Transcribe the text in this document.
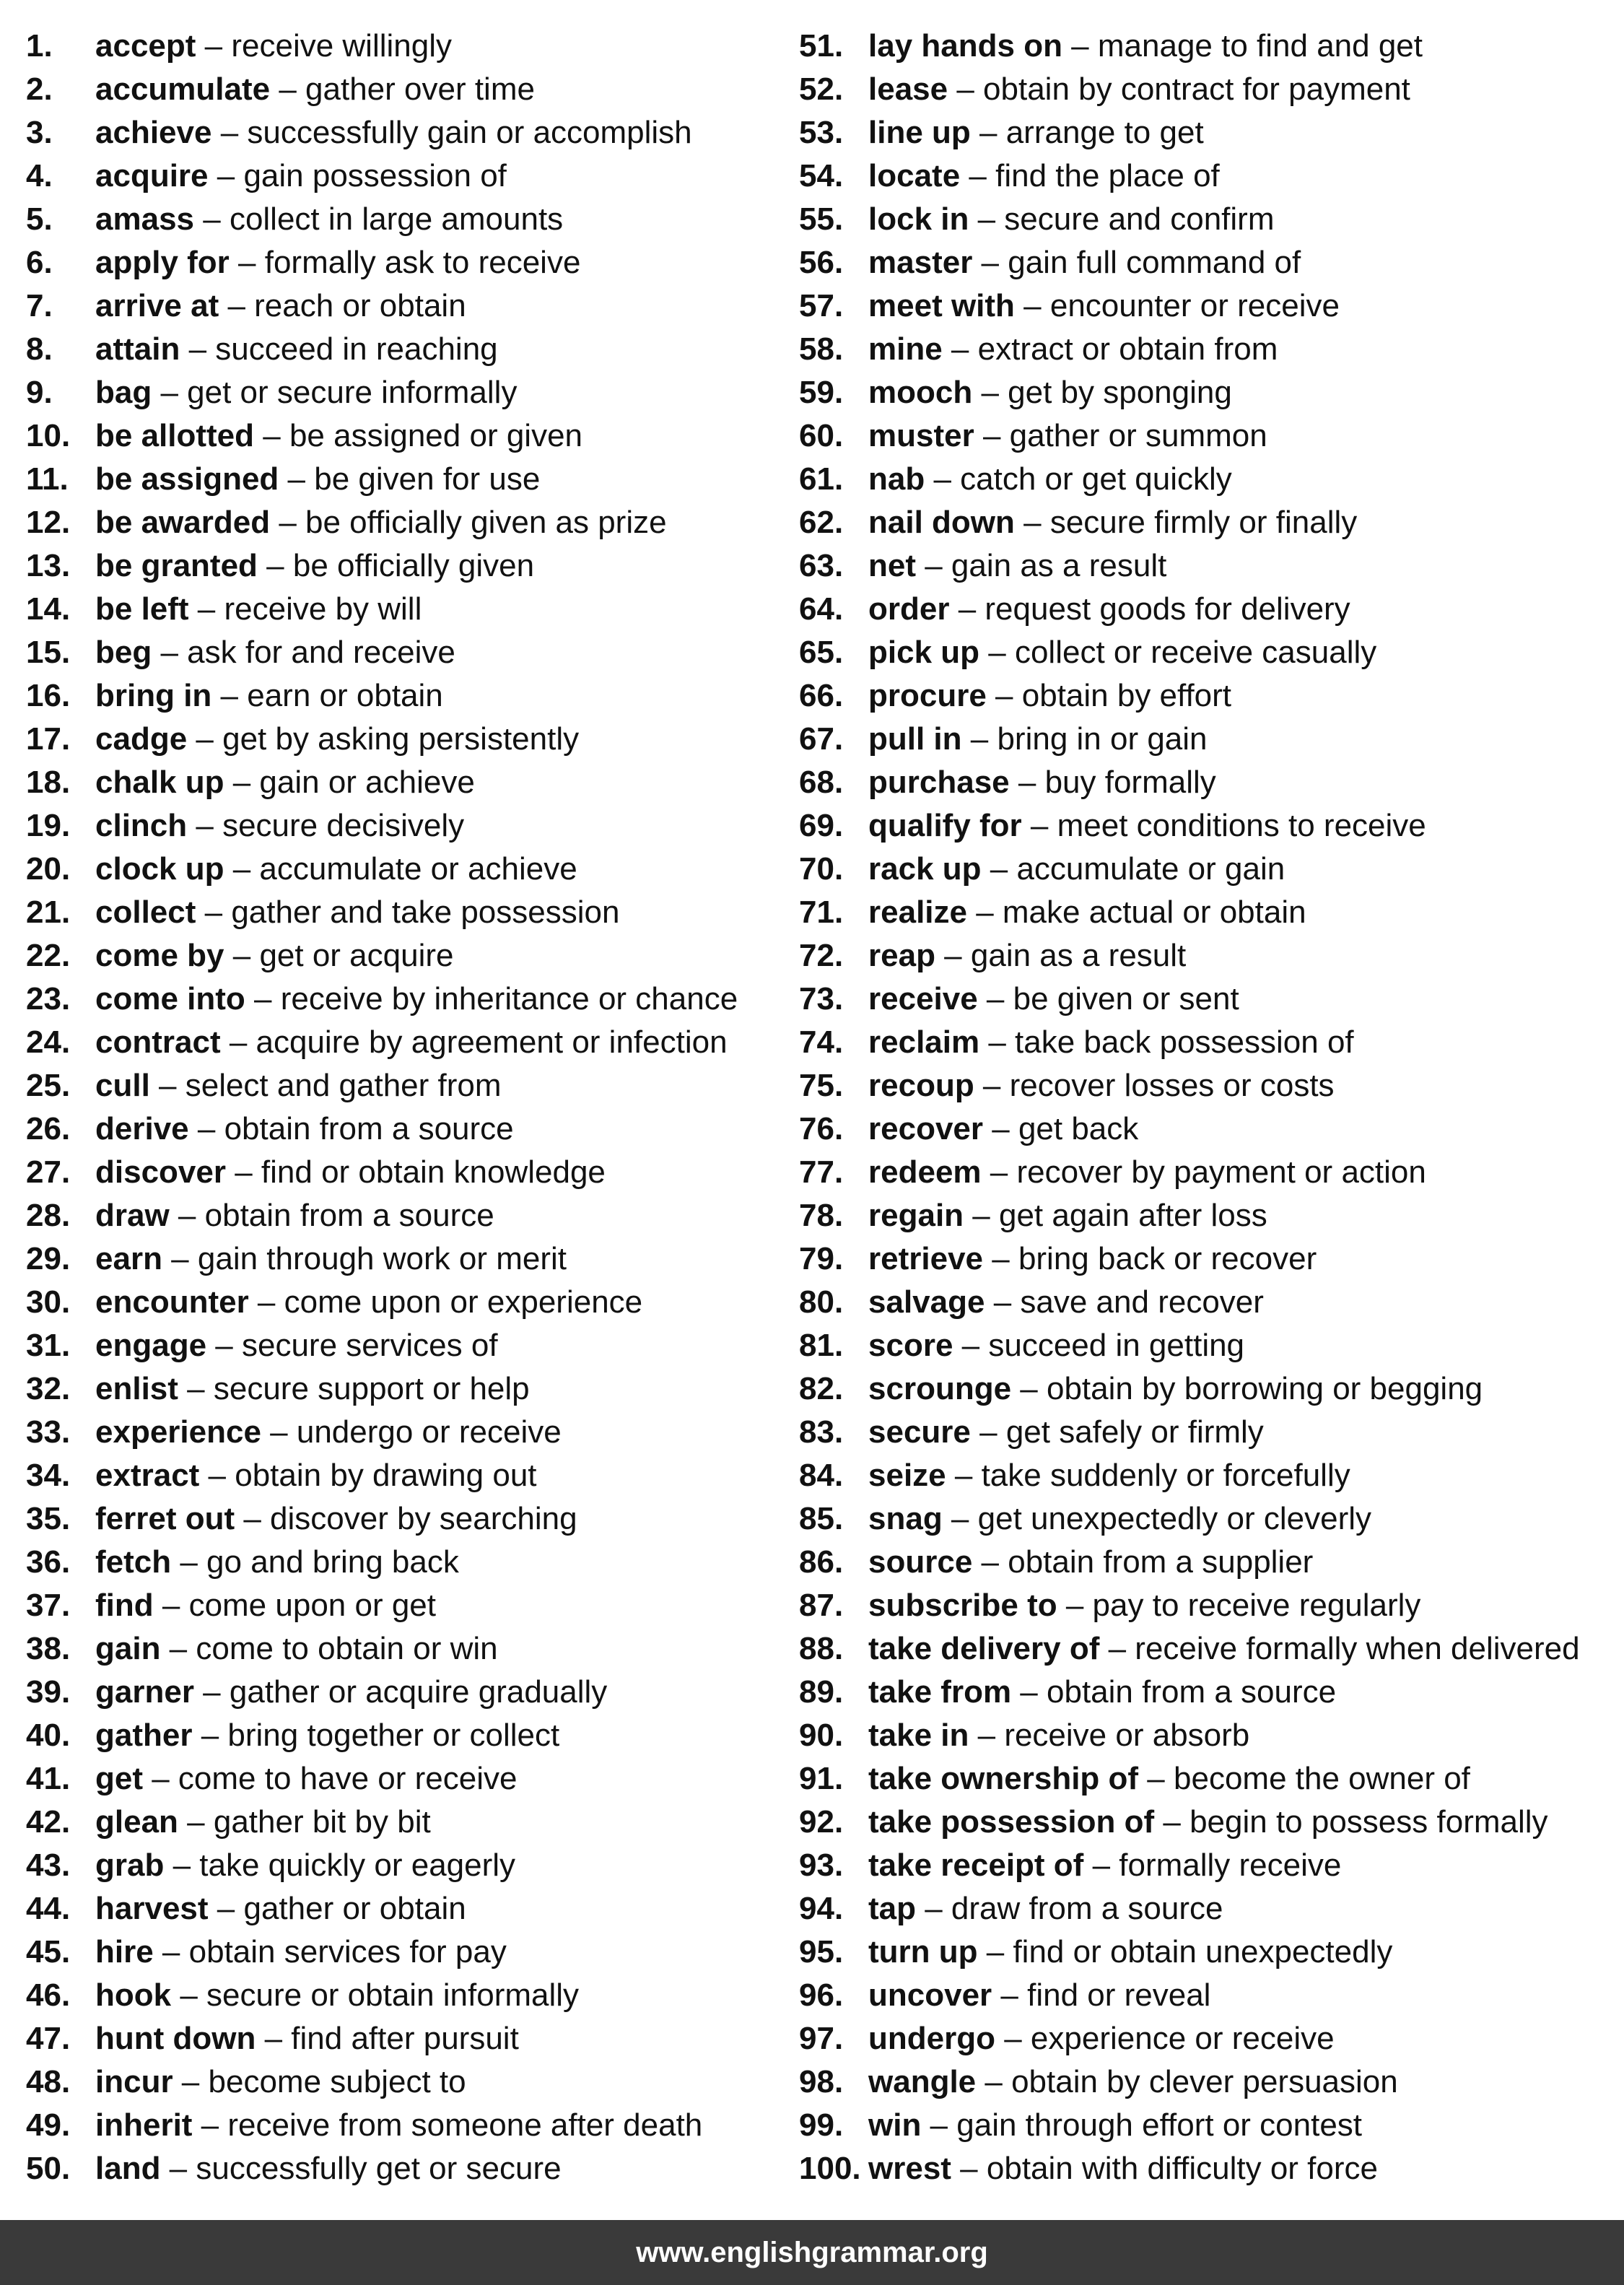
1.	accept – receive willingly
2.	accumulate – gather over time
3.	achieve – successfully gain or accomplish
4.	acquire – gain possession of
5.	amass – collect in large amounts
6.	apply for – formally ask to receive
7.	arrive at – reach or obtain
8.	attain – succeed in reaching
9.	bag – get or secure informally
10. be allotted – be assigned or given
11. be assigned – be given for use
12. be awarded – be officially given as prize
13. be granted – be officially given
14. be left – receive by will
15. beg – ask for and receive
16. bring in – earn or obtain
17. cadge – get by asking persistently
18. chalk up – gain or achieve
19. clinch – secure decisively
20. clock up – accumulate or achieve
21. collect – gather and take possession
22. come by – get or acquire
23. come into – receive by inheritance or chance
24. contract – acquire by agreement or infection
25. cull – select and gather from
26. derive – obtain from a source
27. discover – find or obtain knowledge
28. draw – obtain from a source
29. earn – gain through work or merit
30. encounter – come upon or experience
31. engage – secure services of
32. enlist – secure support or help
33. experience – undergo or receive
34. extract – obtain by drawing out
35. ferret out – discover by searching
36. fetch – go and bring back
37. find – come upon or get
38. gain – come to obtain or win
39. garner – gather or acquire gradually
40. gather – bring together or collect
41. get – come to have or receive
42. glean – gather bit by bit
43. grab – take quickly or eagerly
44. harvest – gather or obtain
45. hire – obtain services for pay
46. hook – secure or obtain informally
47. hunt down – find after pursuit
48. incur – become subject to
49. inherit – receive from someone after death
50. land – successfully get or secure
51. lay hands on – manage to find and get
52. lease – obtain by contract for payment
53. line up – arrange to get
54. locate – find the place of
55. lock in – secure and confirm
56. master – gain full command of
57. meet with – encounter or receive
58. mine – extract or obtain from
59. mooch – get by sponging
60. muster – gather or summon
61. nab – catch or get quickly
62. nail down – secure firmly or finally
63. net – gain as a result
64. order – request goods for delivery
65. pick up – collect or receive casually
66. procure – obtain by effort
67. pull in – bring in or gain
68. purchase – buy formally
69. qualify for – meet conditions to receive
70. rack up – accumulate or gain
71. realize – make actual or obtain
72. reap – gain as a result
73. receive – be given or sent
74. reclaim – take back possession of
75. recoup – recover losses or costs
76. recover – get back
77. redeem – recover by payment or action
78. regain – get again after loss
79. retrieve – bring back or recover
80. salvage – save and recover
81. score – succeed in getting
82. scrounge – obtain by borrowing or begging
83. secure – get safely or firmly
84. seize – take suddenly or forcefully
85. snag – get unexpectedly or cleverly
86. source – obtain from a supplier
87. subscribe to – pay to receive regularly
88. take delivery of – receive formally when delivered
89. take from – obtain from a source
90. take in – receive or absorb
91. take ownership of – become the owner of
92. take possession of – begin to possess formally
93. take receipt of – formally receive
94. tap – draw from a source
95. turn up – find or obtain unexpectedly
96. uncover – find or reveal
97. undergo – experience or receive
98. wangle – obtain by clever persuasion
99. win – gain through effort or contest
100. wrest – obtain with difficulty or force
www.englishgrammar.org
